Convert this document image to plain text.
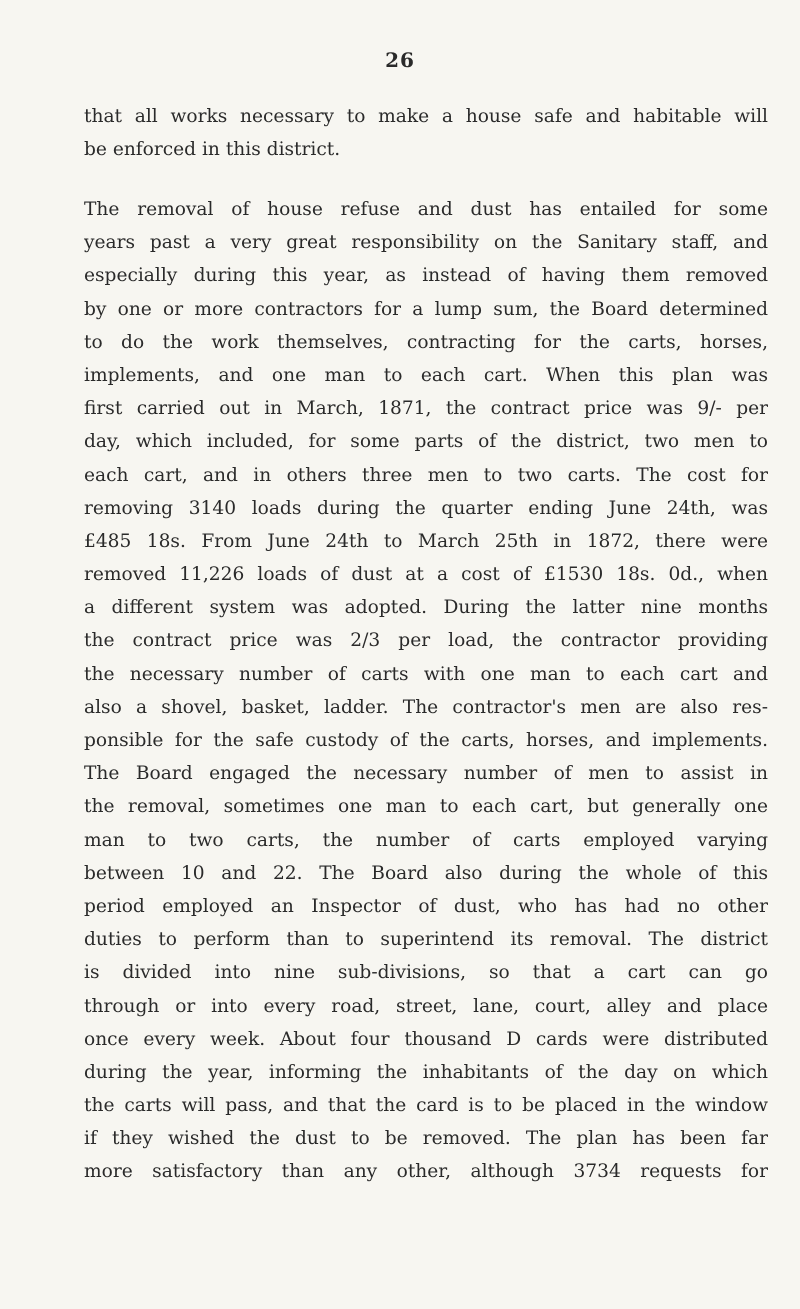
26
that all works necessary to make a house safe and habitable will
be enforced in this district.
The removal of house refuse and dust has entailed for some
years past a very great responsibility on the Sanitary staff, and
especially during this year, as instead of having them removed
by one or more contractors for a lump sum, the Board determined
to do the work themselves, contracting for the carts, horses,
implements, and one man to each cart. When this plan was
first carried out in March, 1871, the contract price was 9/- per
day, which included, for some parts of the district, two men to
each cart, and in others three men to two carts. The cost for
removing 3140 loads during the quarter ending June 24th, was
£485 18s. From June 24th to March 25th in 1872, there were
removed 11,226 loads of dust at a cost of £1530 18s. 0d., when
a different system was adopted. During the latter nine months
the contract price was 2/3 per load, the contractor providing
the necessary number of carts with one man to each cart and
also a shovel, basket, ladder. The contractor's men are also res-
ponsible for the safe custody of the carts, horses, and implements.
The Board engaged the necessary number of men to assist in
the removal, sometimes one man to each cart, but generally one
man to two carts, the number of carts employed varying
between 10 and 22. The Board also during the whole of this
period employed an Inspector of dust, who has had no other
duties to perform than to superintend its removal. The district
is divided into nine sub-divisions, so that a cart can go
through or into every road, street, lane, court, alley and place
once every week. About four thousand D cards were distributed
during the year, informing the inhabitants of the day on which
the carts will pass, and that the card is to be placed in the window
if they wished the dust to be removed. The plan has been far
more satisfactory than any other, although 3734 requests for
